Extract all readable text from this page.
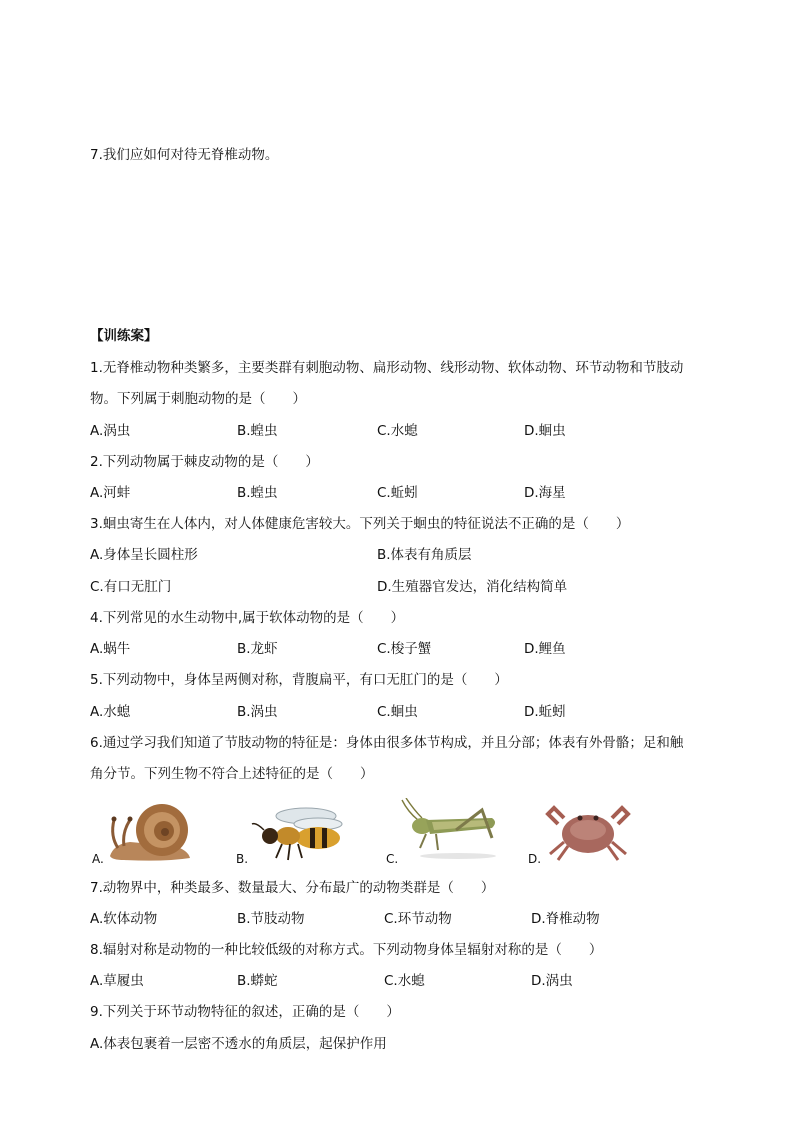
7.我们应如何对待无脊椎动物。
【训练案】
1.无脊椎动物种类繁多，主要类群有刺胞动物、扁形动物、线形动物、软体动物、环节动物和节肢动
物。下列属于刺胞动物的是（　　）
A.涡虫	B.蝗虫	C.水螅	D.蛔虫
2.下列动物属于棘皮动物的是（　　）
A.河蚌	B.蝗虫	C.蚯蚓	D.海星
3.蛔虫寄生在人体内，对人体健康危害较大。下列关于蛔虫的特征说法不正确的是（　　）
A.身体呈长圆柱形	B.体表有角质层
C.有口无肛门	D.生殖器官发达，消化结构简单
4.下列常见的水生动物中,属于软体动物的是（　　）
A.蜗牛	B.龙虾	C.梭子蟹	D.鲤鱼
5.下列动物中，身体呈两侧对称，背腹扁平，有口无肛门的是（　　）
A.水螅	B.涡虫	C.蛔虫	D.蚯蚓
6.通过学习我们知道了节肢动物的特征是：身体由很多体节构成，并且分部；体表有外骨骼；足和触
角分节。下列生物不符合上述特征的是（　　）
A.	B.	C.	D.
7.动物界中，种类最多、数量最大、分布最广的动物类群是（　　）
A.软体动物	B.节肢动物	C.环节动物	D.脊椎动物
8.辐射对称是动物的一种比较低级的对称方式。下列动物身体呈辐射对称的是（　　）
A.草履虫	B.蟒蛇	C.水螅	D.涡虫
9.下列关于环节动物特征的叙述，正确的是（　　）
A.体表包裹着一层密不透水的角质层，起保护作用
